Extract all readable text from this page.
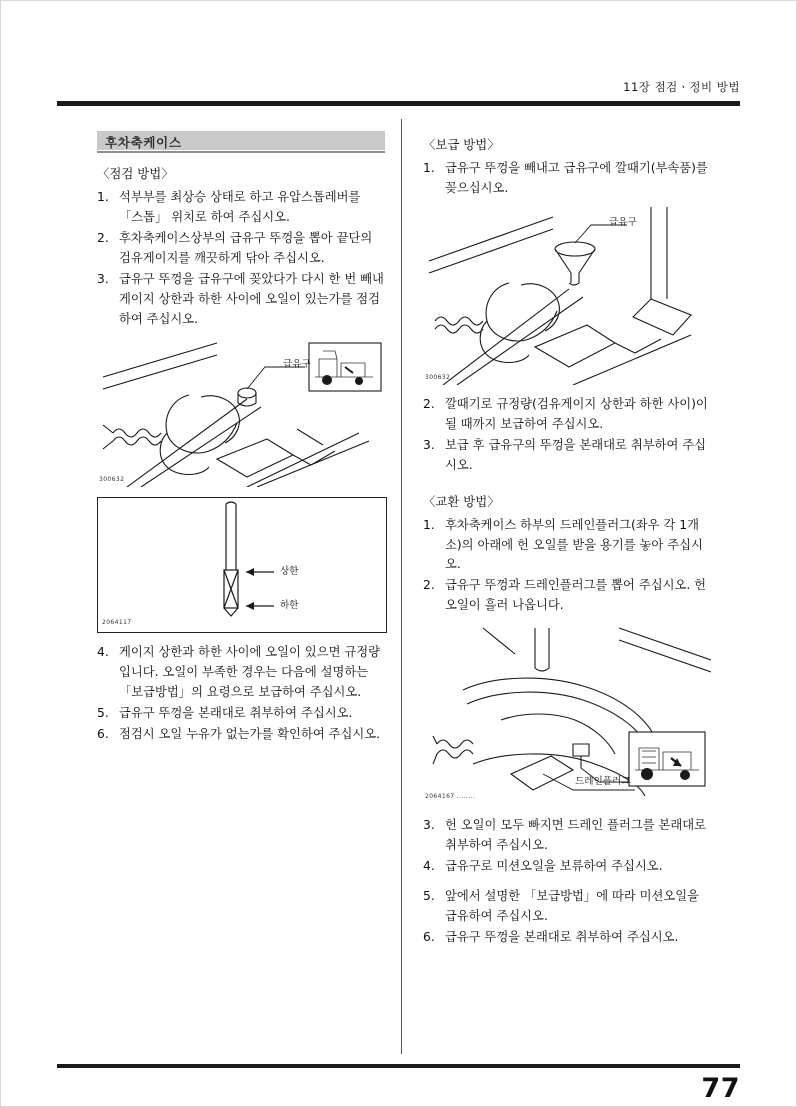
11장 점검ㆍ정비 방법
후차축케이스
〈점검 방법〉
1. 석부부를 최상승 상태로 하고 유압스톱레버를 「스톱」 위치로 하여 주십시오.
2. 후차축케이스상부의 급유구 뚜껑을 뽑아 끝단의 검유게이지를 깨끗하게 닦아 주십시오.
3. 급유구 뚜껑을 급유구에 꽂았다가 다시 한 번 빼내 게이지 상한과 하한 사이에 오일이 있는가를 점검하여 주십시오.
급유구
300632
상한
하한
2064117
4. 게이지 상한과 하한 사이에 오일이 있으면 규정량입니다. 오일이 부족한 경우는 다음에 설명하는 「보급방법」의 요령으로 보급하여 주십시오.
5. 급유구 뚜껑을 본래대로 취부하여 주십시오.
6. 점검시 오일 누유가 없는가를 확인하여 주십시오.
〈보급 방법〉
1. 급유구 뚜껑을 빼내고 급유구에 깔때기(부속품)를 꽂으십시오.
급유구
300632
2. 깔때기로 규정량(검유게이지 상한과 하한 사이)이 될 때까지 보급하여 주십시오.
3. 보급 후 급유구의 뚜껑을 본래대로 취부하여 주십시오.
〈교환 방법〉
1. 후차축케이스 하부의 드레인플러그(좌우 각 1개소)의 아래에 헌 오일를 받을 용기를 놓아 주십시오.
2. 급유구 뚜껑과 드레인플러그를 뽑어 주십시오. 헌 오일이 흘러 나옵니다.
드레인플러그
2064167 ........
3. 헌 오일이 모두 빠지면 드레인 플러그를 본래대로 취부하여 주십시오.
4. 급유구로 미션오일을 보류하여 주십시오.
5. 앞에서 설명한 「보급방법」에 따라 미션오일을 급유하여 주십시오.
6. 급유구 뚜껑을 본래대로 취부하여 주십시오.
77
